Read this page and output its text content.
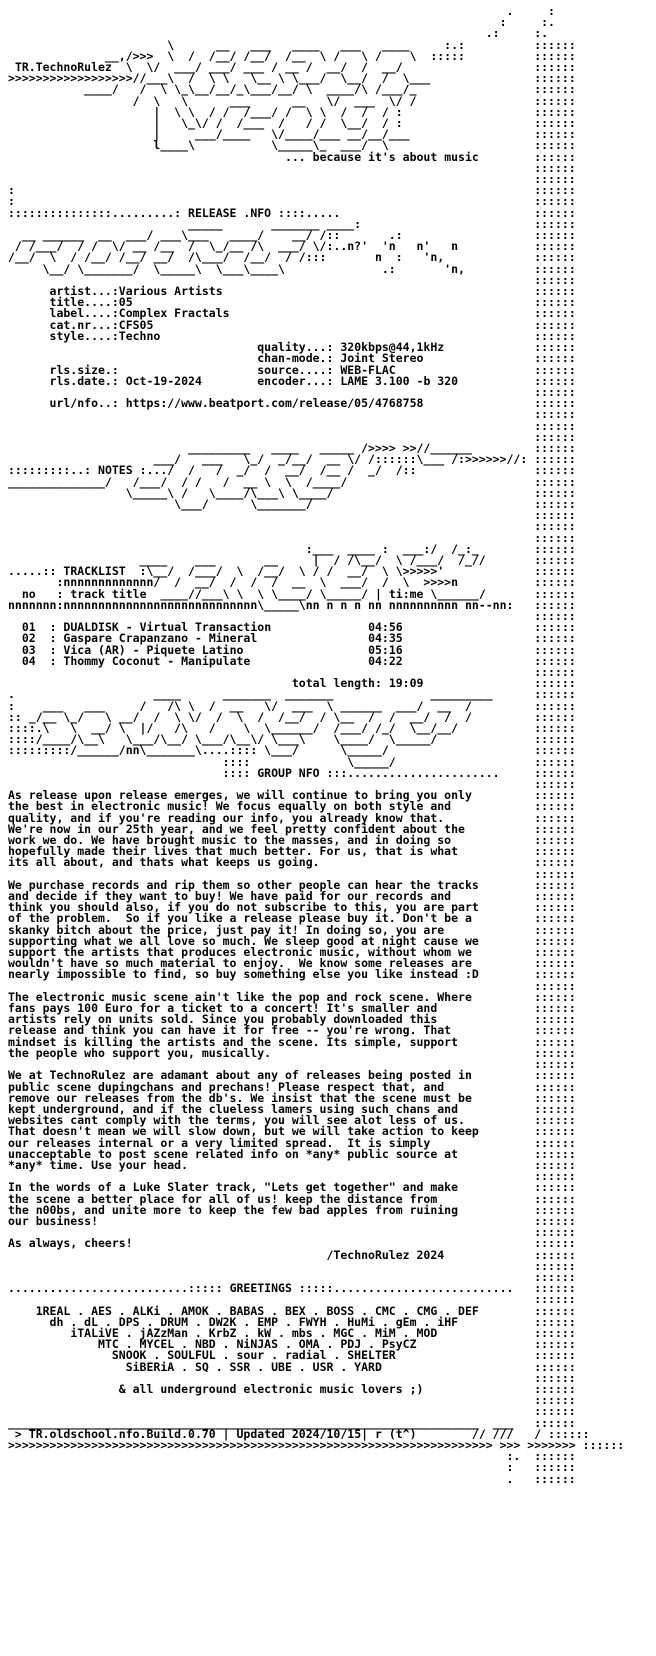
.     :
:     :.
.:     :.
\      __   ___   ____   ___   ____     :.:          ::::::
__,/>>>  \  /  /__/ /__/  /__  \ /   \ /    \  :::::          ::::::
TR.TechnoRulez  \  \/  ___/ ___/ ___ / __ /  __/  /  __/                   ::::::
>>>>>>>>>>>>>>>>>>//___\  /  \ \   \__ \ \___/  \__/  /  \___               ::::::
____/   /  \ \_\__/__/_\___/__/ \  ____/\ /___/_                 ::::::
/  \   \      ___      __   \/  ___  \/ /                 ::::::
|  \ \  / /  /___/ /  \ \  /  /  / :                   ::::::
|   \_\/ /  /___  /   / /  \__/  / :                   ::::::
|     ___/____   \/____/___ __/__/___                  ::::::
l____\           \_____\_  ___/  \                     ::::::
... because it's about music        ::::::
::::::
::::::
:                                                                           ::::::
:                                                                           ::::::
:::::::::::::::.........: RELEASE .NFO ::::.....                            ::::::
_____       _______ ____:                         ::::::
__ ______  __  ___/ ___\___   ____/    __/ /::       .:                   ::::::
/ /___/  / /  \/ __ /__  /  \_/__ /\  ___/ \/:..n?'  'n   n'   n           ::::::
/__/  \  / /__/ /__/ __/  /\___/  /__/  / /:::       n  :   'n,             ::::::
\__/ \_______/  \_____\  \___\____\              .:       'n,          ::::::
::::::
artist...:Various Artists                                             ::::::
title....:05                                                          ::::::
label....:Complex Fractals                                            ::::::
cat.nr...:CFS05                                                       ::::::
style....:Techno                                                      ::::::
quality...: 320kbps@44,1kHz             ::::::
chan-mode.: Joint Stereo                ::::::
rls.size.:                    source....: WEB-FLAC                    ::::::
rls.date.: Oct-19-2024        encoder...: LAME 3.100 -b 320           ::::::
::::::
url/nfo..: https://www.beatport.com/release/05/4768758                ::::::
::::::
::::::
::::::
_________   ____   _____ />>>> >>//______         ::::::
___/   ___   \_/  _/__/  __ \/ /::::::\___ /:>>>>>>//: ::::::
:::::::::..: NOTES :.../  /   /  _/  /  __/  /__ /  _/  /::                 ::::::
______________/   /___/  / /   /  __ \  \  /____/                           ::::::
\_____\ /   \____/\___\ \____/                             ::::::
\___/      \_______/                                ::::::
::::::
::::::
::::::
:___  ____ :  ___:/  /_:_        ::::::
____    ___       __     |  / /\__/  \ /___/  /_//       ::::::
.....:: TRACKLIST  :\__/  /___/  \  /__/  \ / /  __/  \ \>>>>>'             ::::::
:nnnnnnnnnnnnn/  /  __/  /  /  /  __  \  ___/  /  \  >>>>n           ::::::
no   : track title  ____//___\ \  \ \____/ \_____/ | ti:me \______/       ::::::
nnnnnnn:nnnnnnnnnnnnnnnnnnnnnnnnnnnn\_____\nn n n n nn nnnnnnnnnn nn--nn:   ::::::
::::::
01  : DUALDISK - Virtual Transaction	04:56                   ::::::
02  : Gaspare Crapanzano - Mineral	04:35                   ::::::
03  : Vica (AR) - Piquete Latino	05:16                   ::::::
04  : Thommy Coconut - Manipulate	04:22                   ::::::
::::::
total length: 19:09                ::::::
.                    ____      _______  _______              _________      ::::::
:    ___   ___     /   /\ \  /  __   \/  ___  \ ______  ___/  __  /         ::::::
:: _/__ \_/   \ __/  /  \ \/  /  \  /  /__/  / \__  /  /  __/  /  /         ::::::
::::.\   \  __/ \  |/   /\   /    \  \______/  /___/ /_/  \__/__/           ::::::
::::/____/\__\   \___/\__/ \___/\__\/ \___\    \____/  \_____/              ::::::
:::::::::/______/nn\_______\....:::: \___/      \_____/                     ::::::
::::              \_____/                    ::::::
:::: GROUP NFO :::......................     ::::::
::::::
As release upon release emerges, we will continue to bring you only         ::::::
the best in electronic music! We focus equally on both style and            ::::::
quality, and if you're reading our info, you already know that.             ::::::
We're now in our 25th year, and we feel pretty confident about the          ::::::
work we do. We have brought music to the masses, and in doing so            ::::::
hopefully made their lives that much better. For us, that is what           ::::::
its all about, and thats what keeps us going.                               ::::::
::::::
We purchase records and rip them so other people can hear the tracks        ::::::
and decide if they want to buy! We have paid for our records and            ::::::
think you should also, if you do not subscribe to this, you are part        ::::::
of the problem.  So if you like a release please buy it. Don't be a         ::::::
skanky bitch about the price, just pay it! In doing so, you are             ::::::
supporting what we all love so much. We sleep good at night cause we        ::::::
support the artists that produces electronic music, without whom we         ::::::
wouldn't have so much material to enjoy.  We know some releases are         ::::::
nearly impossible to find, so buy something else you like instead :D        ::::::
::::::
The electronic music scene ain't like the pop and rock scene. Where         ::::::
fans pays 100 Euro for a ticket to a concert! It's smaller and              ::::::
artists rely on units sold. Since you probably downloaded this              ::::::
release and think you can have it for free -- you're wrong. That            ::::::
mindset is killing the artists and the scene. Its simple, support           ::::::
the people who support you, musically.                                      ::::::
::::::
We at TechnoRulez are adamant about any of releases being posted in         ::::::
public scene dupingchans and prechans! Please respect that, and             ::::::
remove our releases from the db's. We insist that the scene must be         ::::::
kept underground, and if the clueless lamers using such chans and           ::::::
websites cant comply with the terms, you will see alot less of us.          ::::::
That doesn't mean we will slow down, but we will take action to keep        ::::::
our releases internal or a very limited spread.  It is simply               ::::::
unacceptable to post scene related info on *any* public source at           ::::::
*any* time. Use your head.                                                  ::::::
::::::
In the words of a Luke Slater track, "Lets get together" and make           ::::::
the scene a better place for all of us! keep the distance from              ::::::
the n00bs, and unite more to keep the few bad apples from ruining           ::::::
our business!                                                               ::::::
::::::
As always, cheers!                                                          ::::::
/TechnoRulez 2024             ::::::
::::::
::::::
..........................::::: GREETINGS :::::..........................   ::::::
::::::
1REAL . AES . ALKi . AMOK . BABAS . BEX . BOSS . CMC . CMG . DEF        ::::::
dh . dL . DPS . DRUM . DW2K . EMP . FWYH . HuMi . gEm . iHF           ::::::
iTALiVE . jAZzMan . KrbZ . kW . mbs . MGC . MiM . MOD              ::::::
MTC . MYCEL . NBD . NiNJAS . OMA . PDJ . PsyCZ                 ::::::
SNOOK . SOULFUL . sour . radial . SHELTER                    ::::::
SiBERiA . SQ . SSR . UBE . USR . YARD                      ::::::
::::::
& all underground electronic music lovers ;)                ::::::
::::::
::::::
____________________________________________________________________  ___   ::::::
> TR.oldschool.nfo.Build.0.70 | Updated 2024/10/15| r (t^)        // ///   / ::::::
>>>>>>>>>>>>>>>>>>>>>>>>>>>>>>>>>>>>>>>>>>>>>>>>>>>>>>>>>>>>>>>>>>>>>> >>> >>>>>>> ::::::
:.  ::::::
:   ::::::
.   ::::::
